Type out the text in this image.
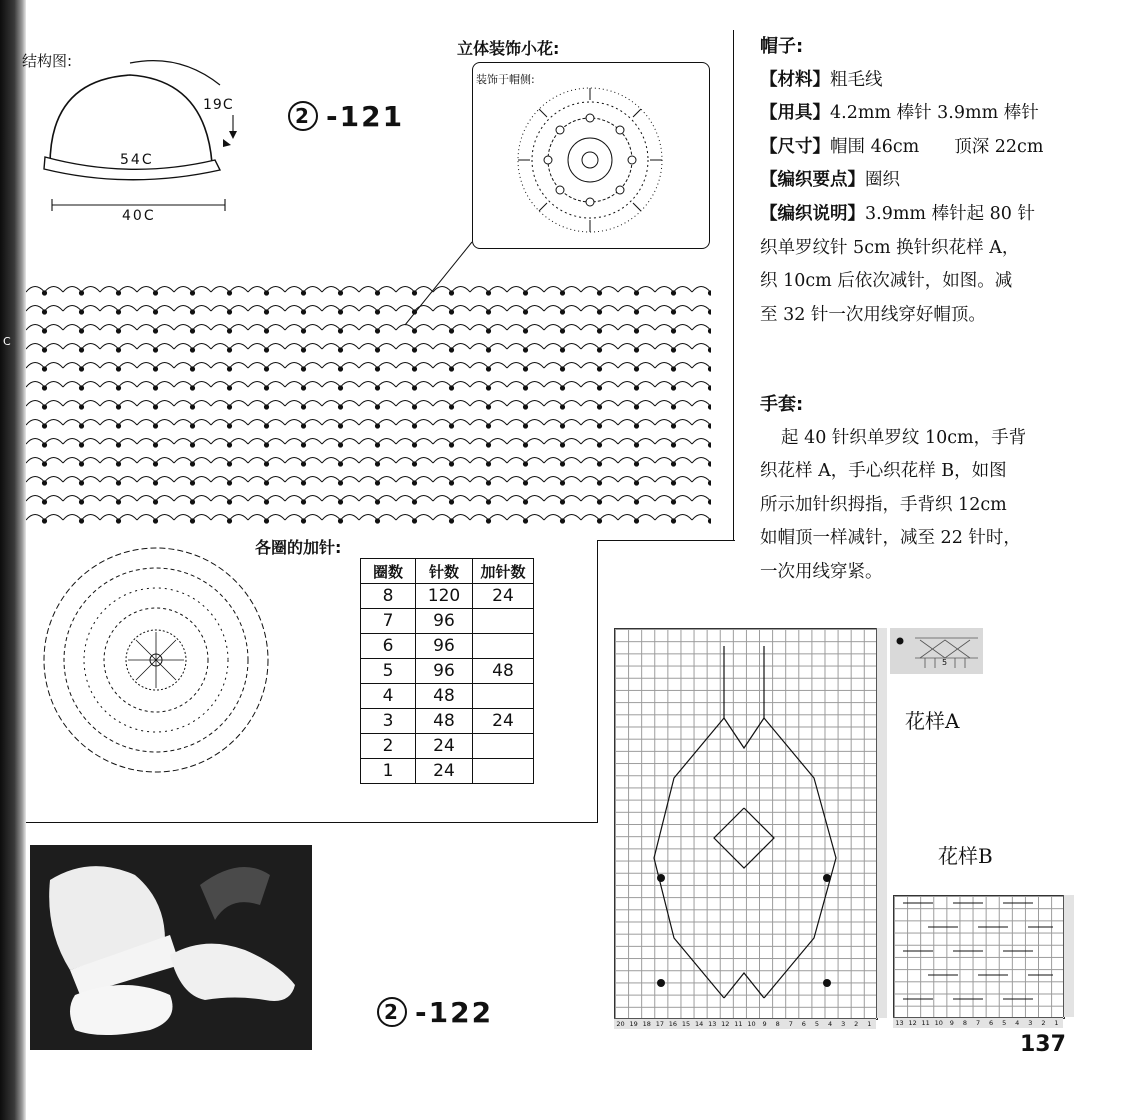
C
结构图:
19C
54C
40C
2 -121
立体装饰小花:
装饰于帽侧:
各圈的加针:
圈数	针数	加针数
8	120	24
7	96	
6	96	
5	96	48
4	48	
3	48	24
2	24	
1	24	

帽子:

【材料】粗毛线

【用具】4.2mm 棒针 3.9mm 棒针

【尺寸】帽围 46cm　　顶深 22cm

【编织要点】圈织

【编织说明】3.9mm 棒针起 80 针

织单罗纹针 5cm 换针织花样 A，

织 10cm 后依次减针，如图。减

至 32 针一次用线穿好帽顶。

手套:

起 40 针织单罗纹 10cm，手背

织花样 A，手心织花样 B，如图

所示加针织拇指，手背织 12cm

如帽顶一样减针，减至 22 针时，

一次用线穿紧。

20 19 18 17 16 15 14 13 12 11 10	9	8	7	6	5	4	3	2	1
5
花样A
花样B
13 12 11 10	9	8	7	6	5	4	3	2	1
2 -122
137
